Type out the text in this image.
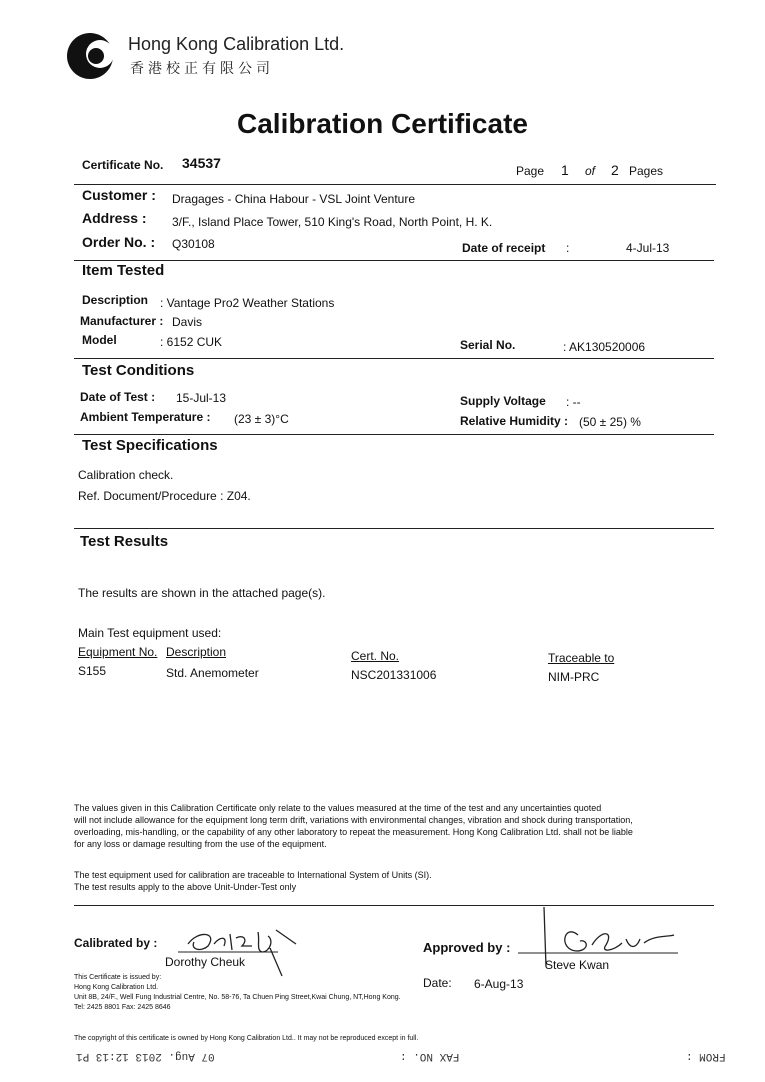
Hong Kong Calibration Ltd.
香港校正有限公司
Calibration Certificate
Certificate No. 34537	Page 1 of 2 Pages
Customer : Dragages - China Habour - VSL Joint Venture
Address : 3/F., Island Place Tower, 510 King's Road, North Point, H. K.
Order No. : Q30108	Date of receipt :	4-Jul-13
Item Tested
Description : Vantage Pro2 Weather Stations
Manufacturer : Davis
Model	: 6152 CUK	Serial No.	: AK130520006
Test Conditions
Date of Test : 15-Jul-13
Ambient Temperature : (23 ± 3)°C
Supply Voltage : --
Relative Humidity : (50 ± 25) %
Test Specifications
Calibration check.
Ref. Document/Procedure : Z04.
Test Results
The results are shown in the attached page(s).
Main Test equipment used:
Equipment No. Description	Cert. No.	Traceable to
S155	Std. Anemometer	NSC201331006	NIM-PRC
The values given in this Calibration Certificate only relate to the values measured at the time of the test and any uncertainties quoted
will not include allowance for the equipment long term drift, variations with environmental changes, vibration and shock during transportation,
overloading, mis-handling, or the capability of any other laboratory to repeat the measurement. Hong Kong Calibration Ltd. shall not be liable
for any loss or damage resulting from the use of the equipment.
The test equipment used for calibration are traceable to International System of Units (SI).
The test results apply to the above Unit-Under-Test only
Calibrated by :
Dorothy Cheuk
Approved by :
Steve Kwan
Date: 6-Aug-13
This Certificate is issued by:
Hong Kong Calibration Ltd.
Unit 8B, 24/F., Well Fung Industrial Centre, No. 58-76, Ta Chuen Ping Street,Kwai Chung, NT,Hong Kong.
Tel: 2425 8801 Fax: 2425 8646
The copyright of this certificate is owned by Hong Kong Calibration Ltd.. It may not be reproduced except in full.
FROM :
FAX NO. :
07 Aug. 2013 12:13 P1
